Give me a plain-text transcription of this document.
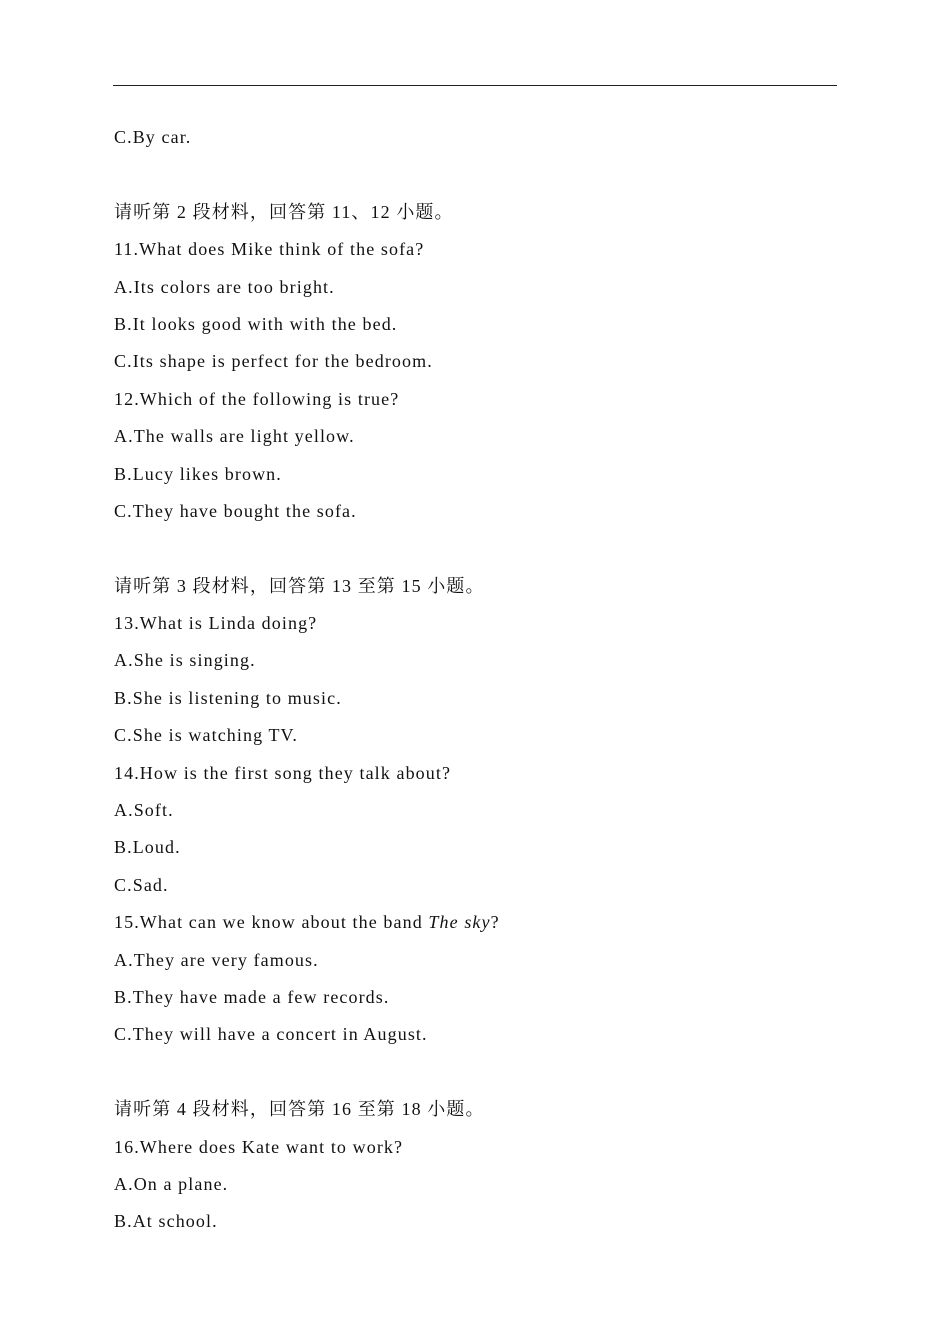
C.By car.
请听第 2 段材料，回答第 11、12 小题。
11.What does Mike think of the sofa?
A.Its colors are too bright.
B.It looks good with with the bed.
C.Its shape is perfect for the bedroom.
12.Which of the following is true?
A.The walls are light yellow.
B.Lucy likes brown.
C.They have bought the sofa.
请听第 3 段材料，回答第 13 至第 15 小题。
13.What is Linda doing?
A.She is singing.
B.She is listening to music.
C.She is watching TV.
14.How is the first song they talk about?
A.Soft.
B.Loud.
C.Sad.
15.What can we know about the band The sky?
A.They are very famous.
B.They have made a few records.
C.They will have a concert in August.
请听第 4 段材料，回答第 16 至第 18 小题。
16.Where does Kate want to work?
A.On a plane.
B.At school.
